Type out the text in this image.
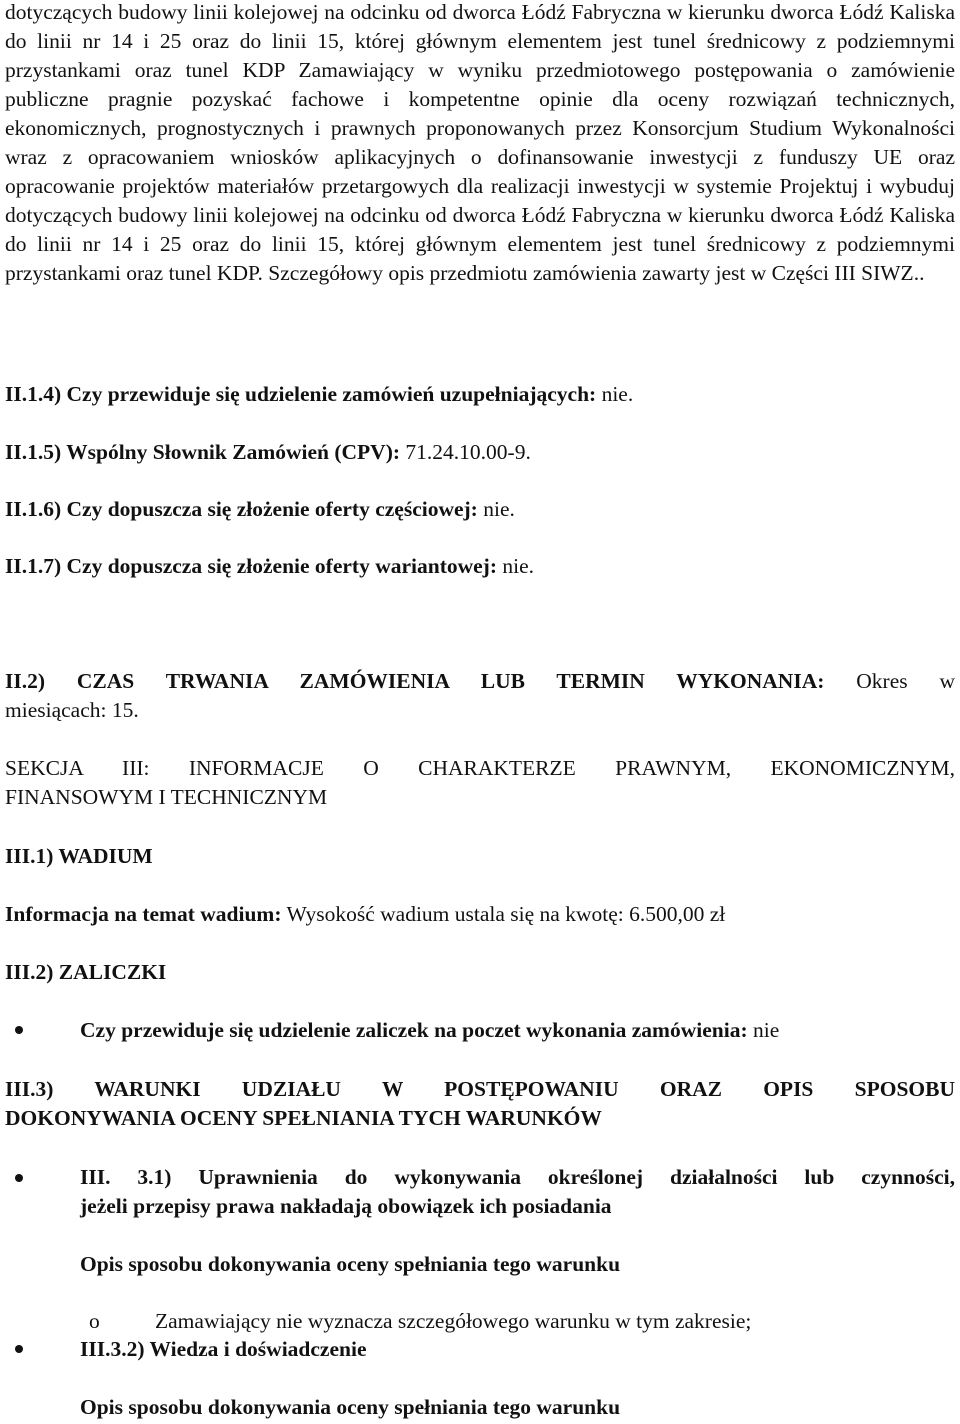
dotyczących budowy linii kolejowej na odcinku od dworca Łódź Fabryczna w kierunku dworca Łódź Kaliska do linii nr 14 i 25 oraz do linii 15, której głównym elementem jest tunel średnicowy z podziemnymi przystankami oraz tunel KDP Zamawiający w wyniku przedmiotowego postępowania o zamówienie publiczne pragnie pozyskać fachowe i kompetentne opinie dla oceny rozwiązań technicznych, ekonomicznych, prognostycznych i prawnych proponowanych przez Konsorcjum Studium Wykonalności wraz z opracowaniem wniosków aplikacyjnych o dofinansowanie inwestycji z funduszy UE oraz opracowanie projektów materiałów przetargowych dla realizacji inwestycji w systemie Projektuj i wybuduj dotyczących budowy linii kolejowej na odcinku od dworca Łódź Fabryczna w kierunku dworca Łódź Kaliska do linii nr 14 i 25 oraz do linii 15, której głównym elementem jest tunel średnicowy z podziemnymi przystankami oraz tunel KDP. Szczegółowy opis przedmiotu zamówienia zawarty jest w Części III SIWZ..

II.1.4) Czy przewiduje się udzielenie zamówień uzupełniających: nie.
II.1.5) Wspólny Słownik Zamówień (CPV): 71.24.10.00-9.
II.1.6) Czy dopuszcza się złożenie oferty częściowej: nie.
II.1.7) Czy dopuszcza się złożenie oferty wariantowej: nie.
II.2) CZAS TRWANIA ZAMÓWIENIA LUB TERMIN WYKONANIA: Okres w
miesiącach: 15.
SEKCJA III: INFORMACJE O CHARAKTERZE PRAWNYM, EKONOMICZNYM,
FINANSOWYM I TECHNICZNYM
III.1) WADIUM
Informacja na temat wadium: Wysokość wadium ustala się na kwotę: 6.500,00 zł
III.2) ZALICZKI
Czy przewiduje się udzielenie zaliczek na poczet wykonania zamówienia: nie
III.3) WARUNKI UDZIAŁU W POSTĘPOWANIU ORAZ OPIS SPOSOBU
DOKONYWANIA OCENY SPEŁNIANIA TYCH WARUNKÓW
III. 3.1) Uprawnienia do wykonywania określonej działalności lub czynności,
jeżeli przepisy prawa nakładają obowiązek ich posiadania
Opis sposobu dokonywania oceny spełniania tego warunku
o	Zamawiający nie wyznacza szczegółowego warunku w tym zakresie;
III.3.2) Wiedza i doświadczenie
Opis sposobu dokonywania oceny spełniania tego warunku
